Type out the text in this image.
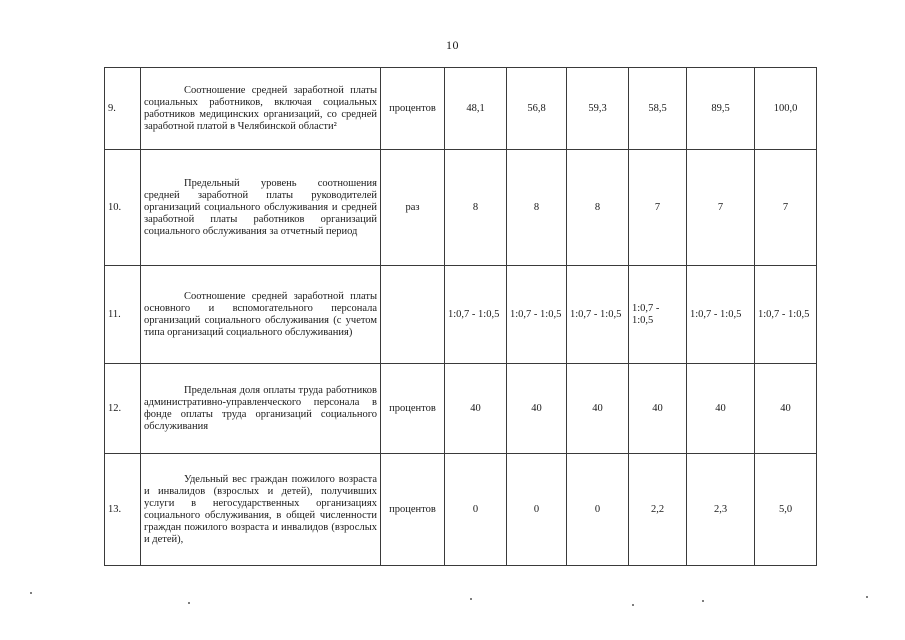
10
9.	Соотношение средней заработной платы социальных работников, включая социальных работников медицинских организаций, со средней заработной платой в Челябинской области²	процентов	48,1	56,8	59,3	58,5	89,5	100,0
10.	Предельный уровень соотношения средней заработной платы руководителей организаций социального обслуживания и средней заработной платы работников организаций социального обслуживания за отчетный период	раз	8	8	8	7	7	7
11.	Соотношение средней заработной платы основного и вспомогательного персонала организаций социального обслуживания (с учетом типа организаций социального обслуживания)		1:0,7 - 1:0,5	1:0,7 - 1:0,5	1:0,7 - 1:0,5	1:0,7 - 1:0,5	1:0,7 - 1:0,5	1:0,7 - 1:0,5
12.	Предельная доля оплаты труда работников административно-управленческого персонала в фонде оплаты труда организаций социального обслуживания	процентов	40	40	40	40	40	40
13.	Удельный вес граждан пожилого возраста и инвалидов (взрослых и детей), получивших услуги в негосударственных организациях социального обслуживания, в общей численности граждан пожилого возраста и инвалидов (взрослых и детей),	процентов	0	0	0	2,2	2,3	5,0
